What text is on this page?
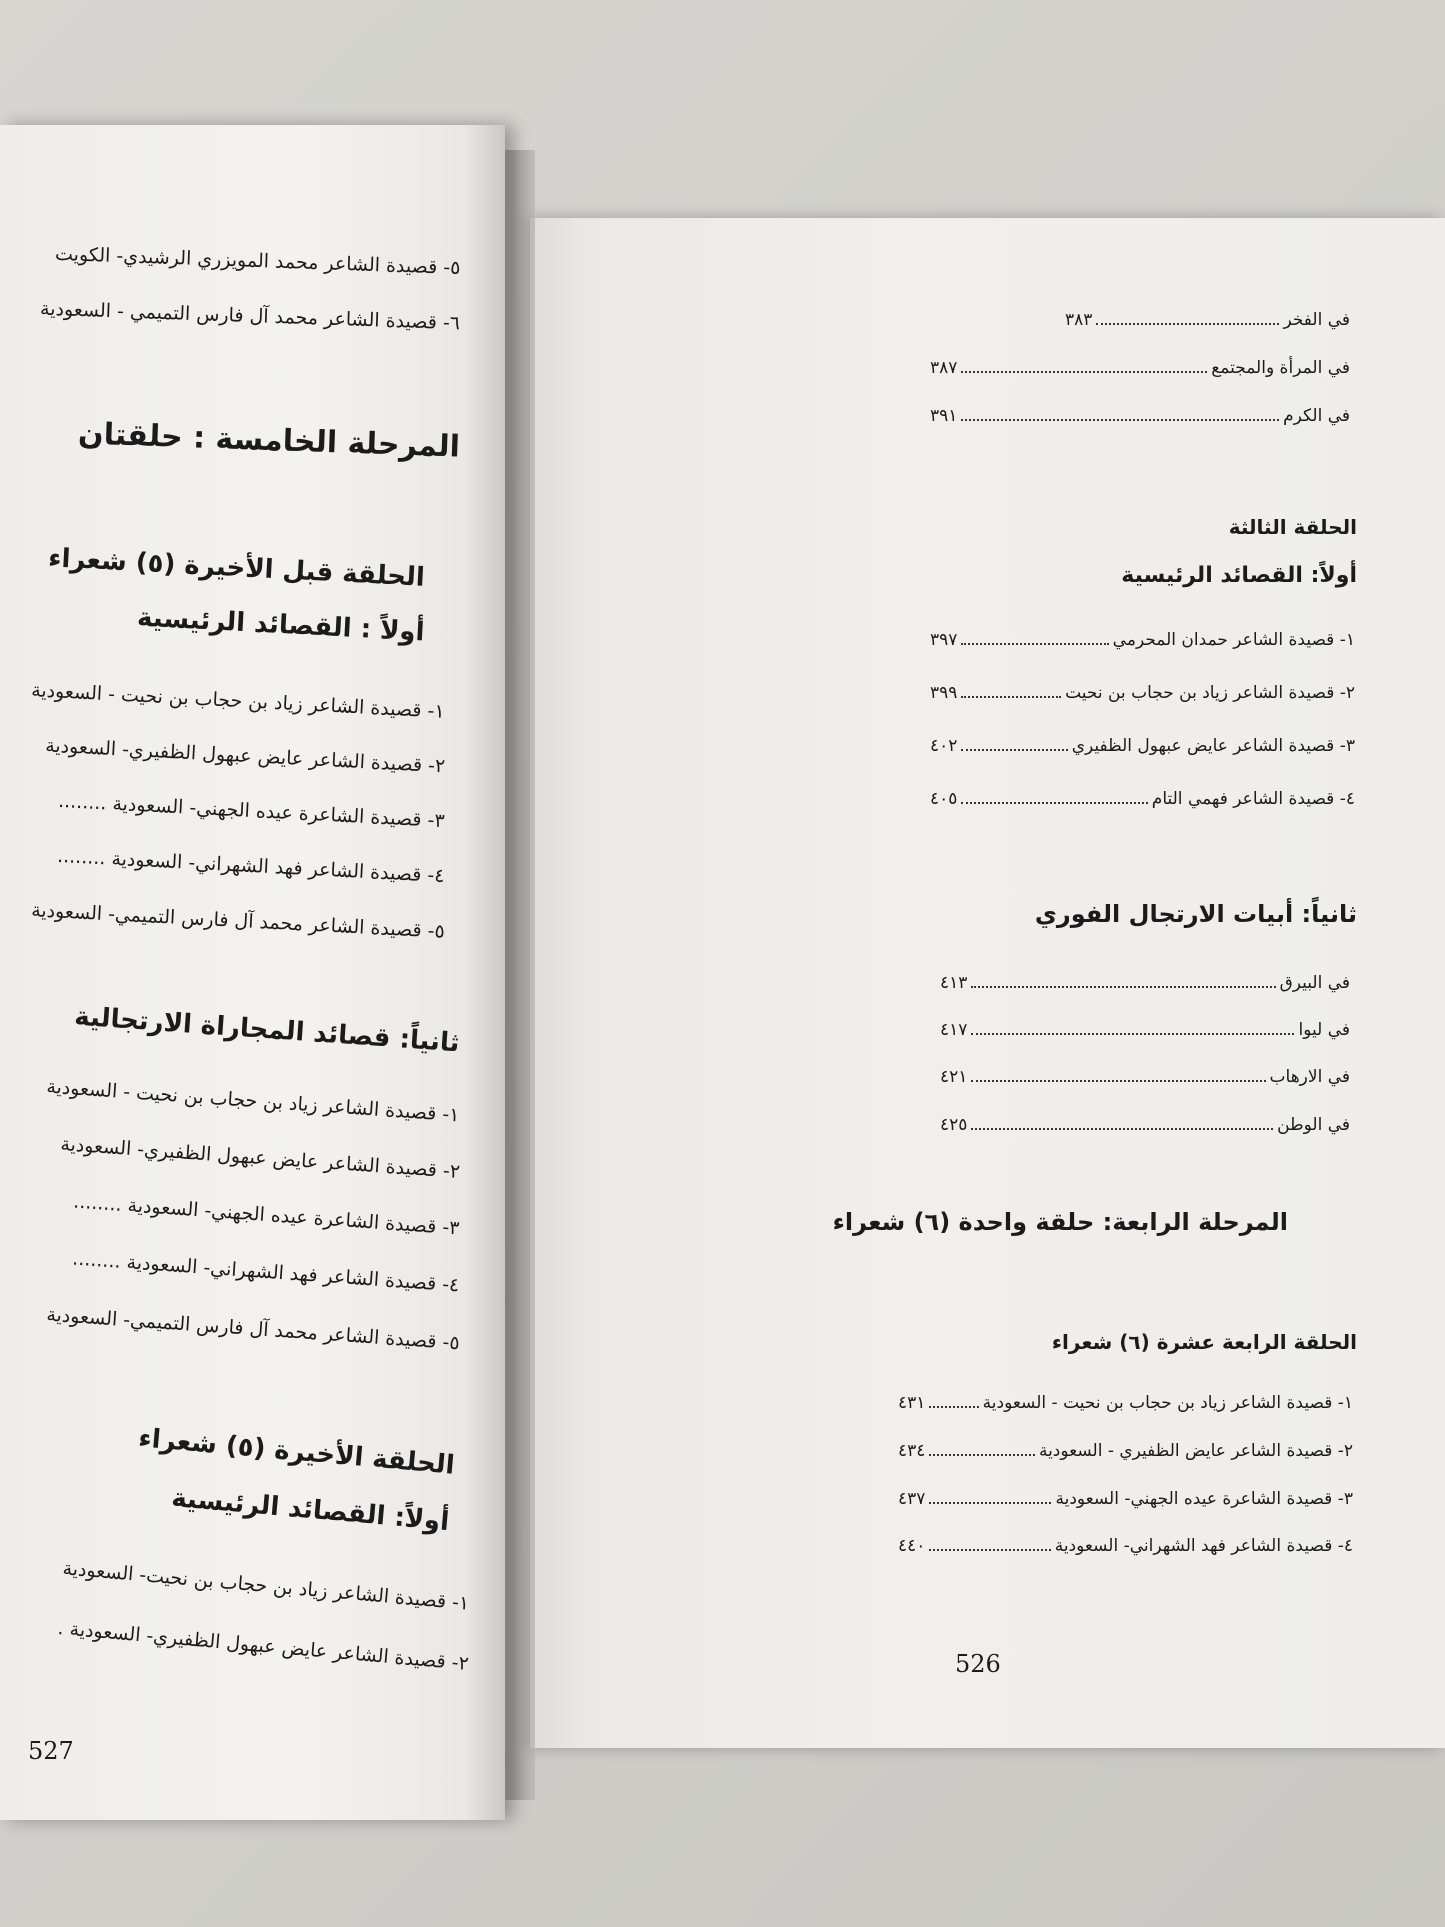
في الفخر
٣٨٣
في المرأة والمجتمع
٣٨٧
في الكرم
٣٩١
الحلقة الثالثة
أولاً: القصائد الرئيسية
١- قصيدة الشاعر حمدان المحرمي
٣٩٧
٢- قصيدة الشاعر زياد بن حجاب بن نحيت
٣٩٩
٣- قصيدة الشاعر عايض عبهول الظفيري
٤٠٢
٤- قصيدة الشاعر فهمي التام
٤٠٥
ثانياً: أبيات الارتجال الفوري
في البيرق
٤١٣
في ليوا
٤١٧
في الارهاب
٤٢١
في الوطن
٤٢٥
المرحلة الرابعة: حلقة واحدة (٦) شعراء
الحلقة الرابعة عشرة (٦) شعراء
١- قصيدة الشاعر زياد بن حجاب بن نحيت - السعودية
٤٣١
٢- قصيدة الشاعر عايض الظفيري - السعودية
٤٣٤
٣- قصيدة الشاعرة عيده الجهني- السعودية
٤٣٧
٤- قصيدة الشاعر فهد الشهراني- السعودية
٤٤٠
526
٥- قصيدة الشاعر محمد المويزري الرشيدي- الكويت
٦- قصيدة الشاعر محمد آل فارس التميمي - السعودية
المرحلة الخامسة : حلقتان
الحلقة قبل الأخيرة (٥) شعراء
أولاً : القصائد الرئيسية
١- قصيدة الشاعر زياد بن حجاب بن نحيت - السعودية
٢- قصيدة الشاعر عايض عبهول الظفيري- السعودية
٣- قصيدة الشاعرة عيده الجهني- السعودية ........
٤- قصيدة الشاعر فهد الشهراني- السعودية ........
٥- قصيدة الشاعر محمد آل فارس التميمي- السعودية
ثانياً: قصائد المجاراة الارتجالية
١- قصيدة الشاعر زياد بن حجاب بن نحيت - السعودية
٢- قصيدة الشاعر عايض عبهول الظفيري- السعودية
٣- قصيدة الشاعرة عيده الجهني- السعودية ........
٤- قصيدة الشاعر فهد الشهراني- السعودية ........
٥- قصيدة الشاعر محمد آل فارس التميمي- السعودية
الحلقة الأخيرة (٥) شعراء
أولاً: القصائد الرئيسية
١- قصيدة الشاعر زياد بن حجاب بن نحيت- السعودية
٢- قصيدة الشاعر عايض عبهول الظفيري- السعودية .
527
